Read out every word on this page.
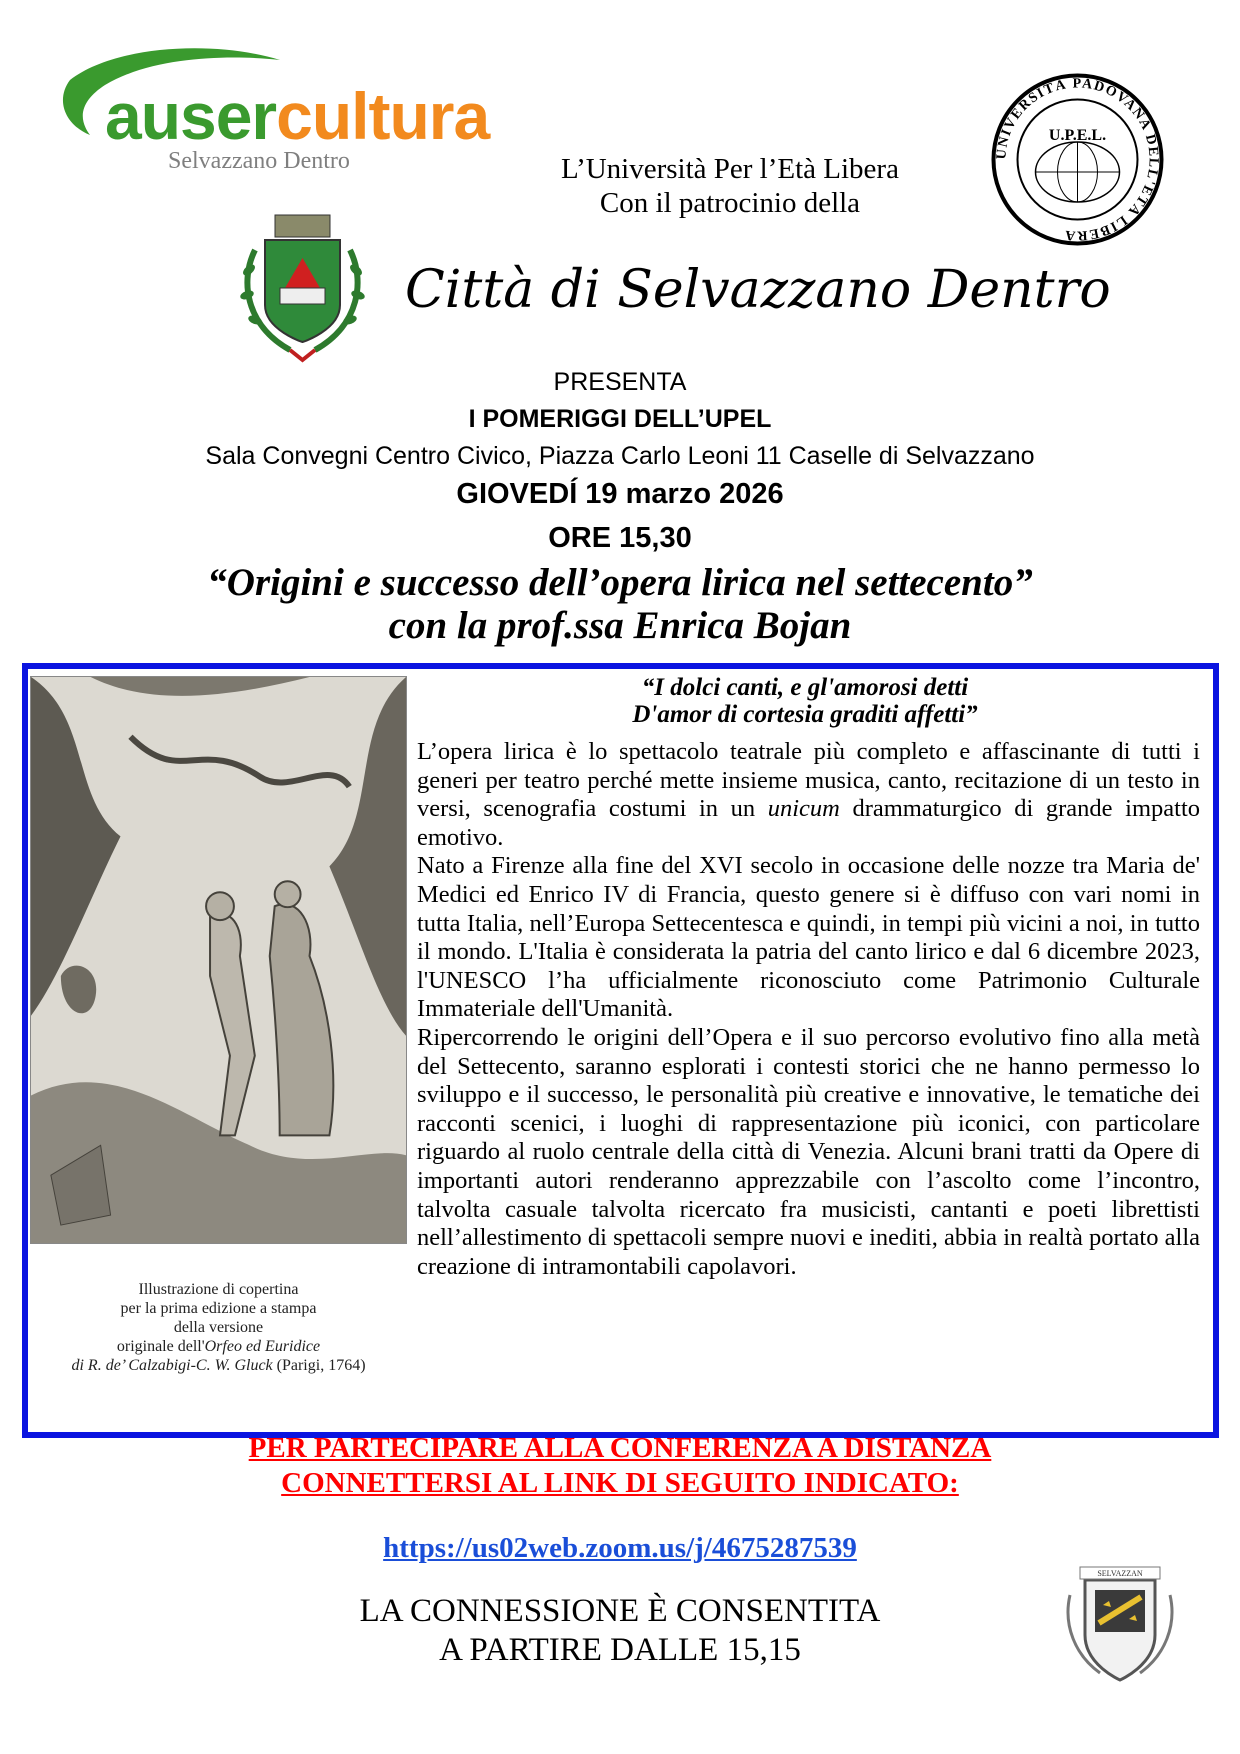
ausercultura
Selvazzano Dentro	L’Università Per l’Età Libera
Con il patrocinio della
UNIVERSITÀ PADOVANA DELL'ETÀ LIBERA
U.P.E.L.
Città di Selvazzano Dentro
PRESENTA
I POMERIGGI DELL’UPEL
Sala Convegni Centro Civico, Piazza Carlo Leoni 11 Caselle di Selvazzano
GIOVEDÍ 19 marzo 2026
ORE 15,30
“Origini e successo dell’opera lirica nel settecento”
con la prof.ssa Enrica Bojan
Illustrazione di copertina
per la prima edizione a stampa
della versione
originale dell'Orfeo ed Euridice
di R. de’ Calzabigi-C. W. Gluck (Parigi, 1764)
“I dolci canti, e gl'amorosi detti
D'amor di cortesia graditi affetti”

L’opera lirica è lo spettacolo teatrale più completo e affascinante di tutti i generi per teatro perché mette insieme musica, canto, recitazione di un testo in versi, scenografia costumi in un unicum drammaturgico di grande impatto emotivo.

Nato a Firenze alla fine del XVI secolo in occasione delle nozze tra Maria de' Medici ed Enrico IV di Francia, questo genere si è diffuso con vari nomi in tutta Italia, nell’Europa Settecentesca e quindi, in tempi più vicini a noi, in tutto il mondo. L'Italia è considerata la patria del canto lirico e dal 6 dicembre 2023, l'UNESCO l’ha ufficialmente riconosciuto come Patrimonio Culturale Immateriale dell'Umanità.

Ripercorrendo le origini dell’Opera e il suo percorso evolutivo fino alla metà del Settecento, saranno esplorati i contesti storici che ne hanno permesso lo sviluppo e il successo, le personalità più creative e innovative, le tematiche dei racconti scenici, i luoghi di rappresentazione più iconici, con particolare riguardo al ruolo centrale della città di Venezia. Alcuni brani tratti da Opere di importanti autori renderanno apprezzabile con l’ascolto come l’incontro, talvolta casuale talvolta ricercato fra musicisti, cantanti e poeti librettisti nell’allestimento di spettacoli sempre nuovi e inediti, abbia in realtà portato alla creazione di intramontabili capolavori.

PER PARTECIPARE ALLA CONFERENZA A DISTANZA
CONNETTERSI AL LINK DI SEGUITO INDICATO:
https://us02web.zoom.us/j/4675287539
LA CONNESSIONE È CONSENTITA
A PARTIRE DALLE 15,15
SELVAZZAN
